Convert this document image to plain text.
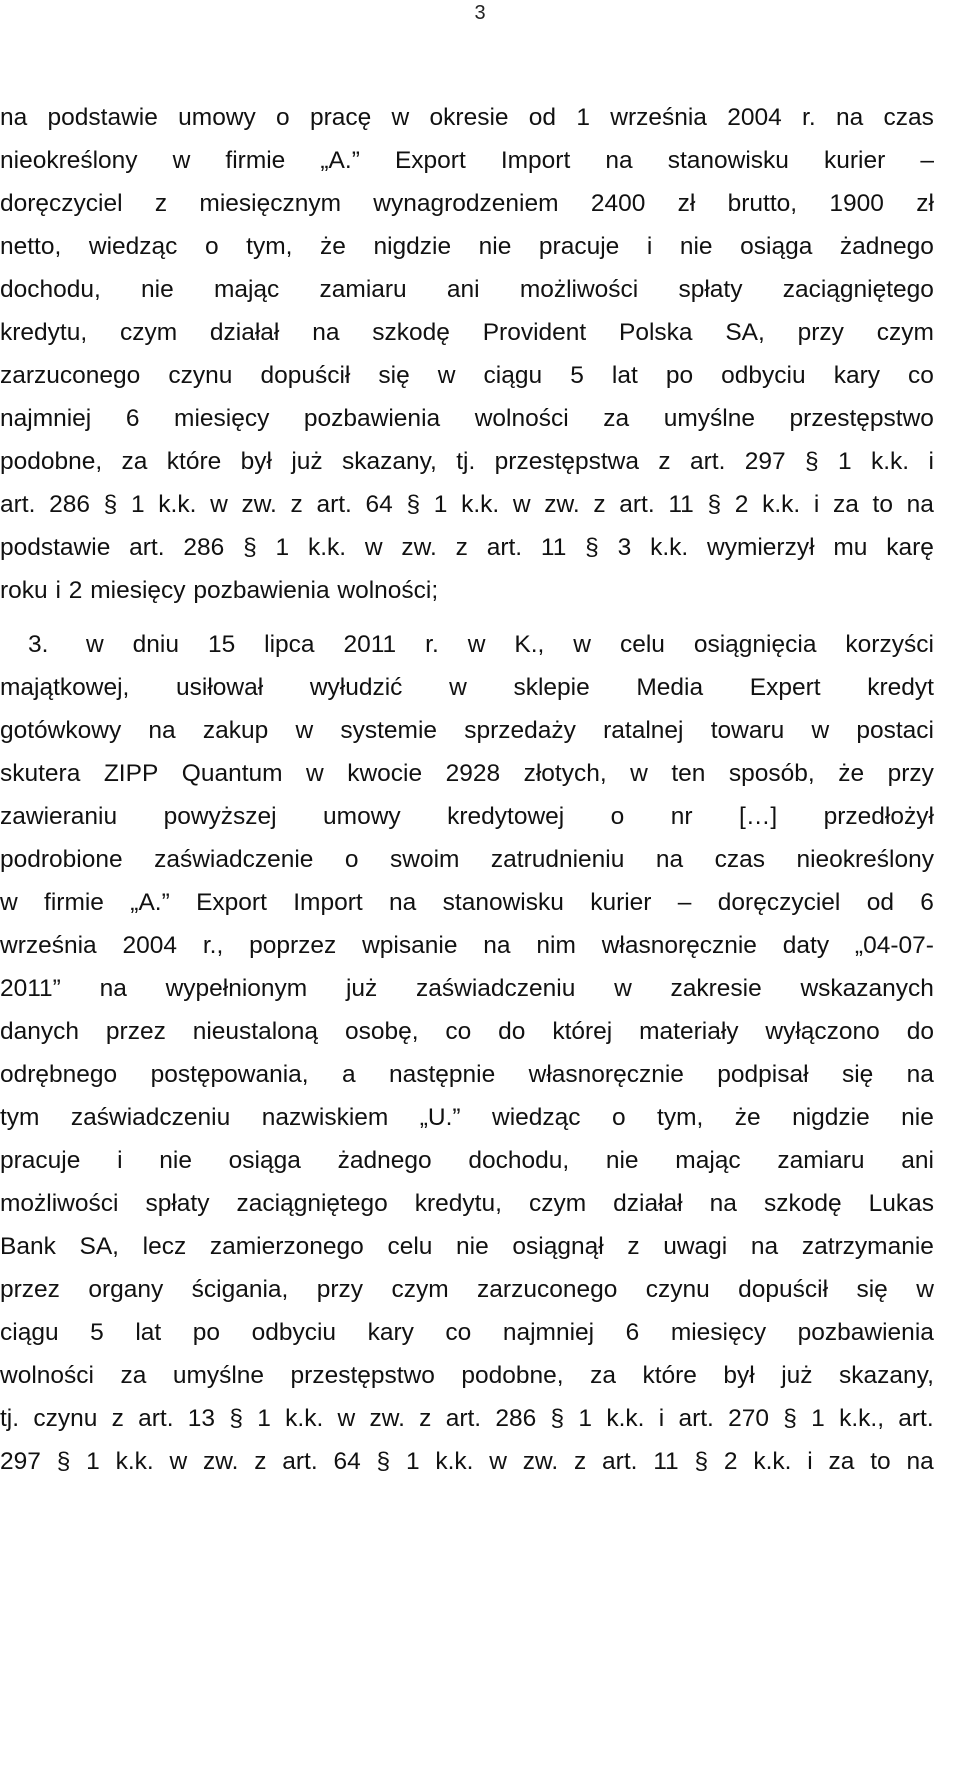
3
na podstawie umowy o pracę w okresie od 1 września 2004 r. na czas
nieokreślony w firmie „A.” Export Import na stanowisku kurier –
doręczyciel z miesięcznym wynagrodzeniem 2400 zł brutto, 1900 zł
netto, wiedząc o tym, że nigdzie nie pracuje i nie osiąga żadnego
dochodu, nie mając zamiaru ani możliwości spłaty zaciągniętego
kredytu, czym działał na szkodę Provident Polska SA, przy czym
zarzuconego czynu dopuścił się w ciągu 5 lat po odbyciu kary co
najmniej 6 miesięcy pozbawienia wolności za umyślne przestępstwo
podobne, za które był już skazany, tj. przestępstwa z art. 297 § 1 k.k. i
art. 286 § 1 k.k. w zw. z art. 64 § 1 k.k. w zw. z art. 11 § 2 k.k. i za to na
podstawie art. 286 § 1 k.k. w zw. z art. 11 § 3 k.k. wymierzył mu karę
roku i 2 miesięcy pozbawienia wolności;
3.	w dniu 15 lipca 2011 r. w K., w celu osiągnięcia korzyści
majątkowej, usiłował wyłudzić w sklepie Media Expert kredyt
gotówkowy na zakup w systemie sprzedaży ratalnej towaru w postaci
skutera ZIPP Quantum w kwocie 2928 złotych, w ten sposób, że przy
zawieraniu powyższej umowy kredytowej o nr […] przedłożył
podrobione zaświadczenie o swoim zatrudnieniu na czas nieokreślony
w firmie „A.” Export Import na stanowisku kurier – doręczyciel od 6
września 2004 r., poprzez wpisanie na nim własnoręcznie daty „04-07-
2011” na wypełnionym już zaświadczeniu w zakresie wskazanych
danych przez nieustaloną osobę, co do której materiały wyłączono do
odrębnego postępowania, a następnie własnoręcznie podpisał się na
tym zaświadczeniu nazwiskiem „U.” wiedząc o tym, że nigdzie nie
pracuje i nie osiąga żadnego dochodu, nie mając zamiaru ani
możliwości spłaty zaciągniętego kredytu, czym działał na szkodę Lukas
Bank SA, lecz zamierzonego celu nie osiągnął z uwagi na zatrzymanie
przez organy ścigania, przy czym zarzuconego czynu dopuścił się w
ciągu 5 lat po odbyciu kary co najmniej 6 miesięcy pozbawienia
wolności za umyślne przestępstwo podobne, za które był już skazany,
tj. czynu z art. 13 § 1 k.k. w zw. z art. 286 § 1 k.k. i art. 270 § 1 k.k., art.
297 § 1 k.k. w zw. z art. 64 § 1 k.k. w zw. z art. 11 § 2 k.k. i za to na
